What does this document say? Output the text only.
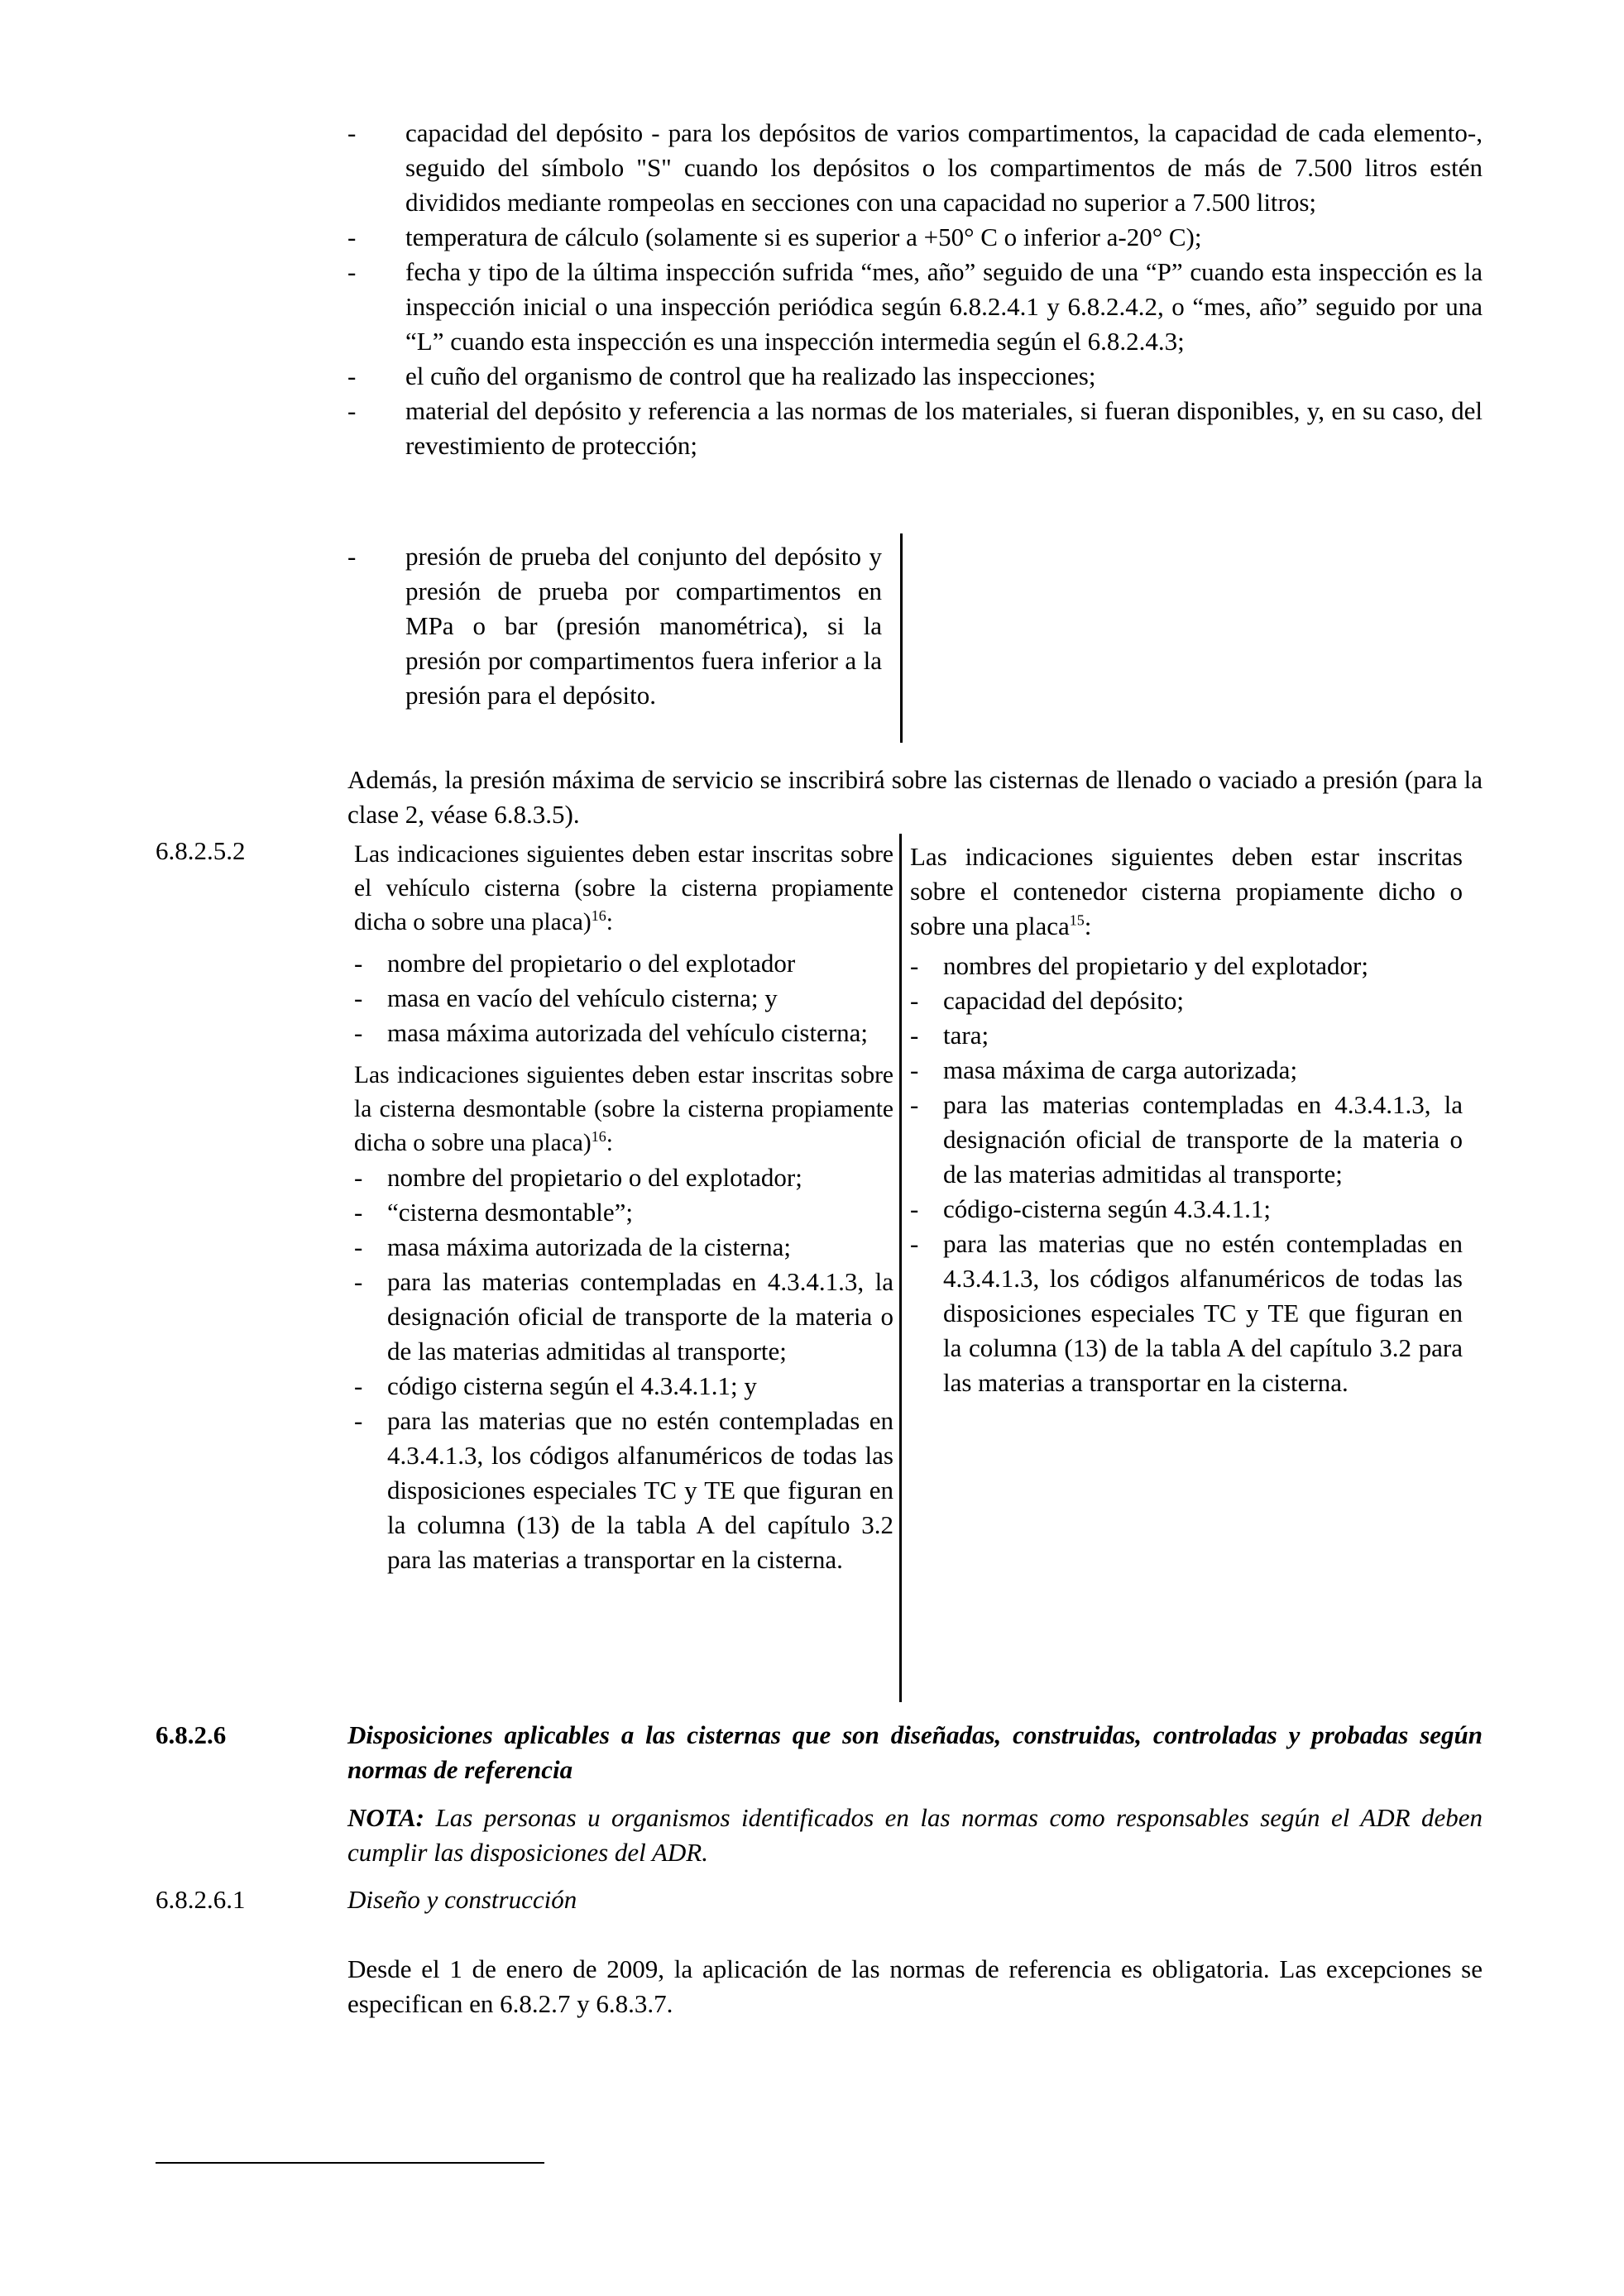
- capacidad del depósito - para los depósitos de varios compartimentos, la capacidad de cada elemento-, seguido del símbolo "S" cuando los depósitos o los compartimentos de más de 7.500 litros estén divididos mediante rompeolas en secciones con una capacidad no superior a 7.500 litros;
- temperatura de cálculo (solamente si es superior a +50° C o inferior a-20° C);
- fecha y tipo de la última inspección sufrida “mes, año” seguido de una “P” cuando esta inspección es la inspección inicial o una inspección periódica según 6.8.2.4.1 y 6.8.2.4.2, o “mes, año” seguido por una “L” cuando esta inspección es una inspección intermedia según el 6.8.2.4.3;
- el cuño del organismo de control que ha realizado las inspecciones;
- material del depósito y referencia a las normas de los materiales, si fueran disponibles, y, en su caso, del revestimiento de protección;
- presión de prueba del conjunto del depósito y presión de prueba por compartimentos en MPa o bar (presión manométrica), si la presión por compartimentos fuera inferior a la presión para el depósito.
Además, la presión máxima de servicio se inscribirá sobre las cisternas de llenado o vaciado a presión (para la clase 2, véase 6.8.3.5).
6.8.2.5.2	Las indicaciones siguientes deben estar inscritas sobre el vehículo cisterna (sobre la cisterna propiamente dicha o sobre una placa)$^{16}$:
- nombre del propietario o del explotador
- masa en vacío del vehículo cisterna; y
- masa máxima autorizada del vehículo cisterna;
Las indicaciones siguientes deben estar inscritas sobre la cisterna desmontable (sobre la cisterna propiamente dicha o sobre una placa)$^{16}$:
- nombre del propietario o del explotador;
- “cisterna desmontable”;
- masa máxima autorizada de la cisterna;
- para las materias contempladas en 4.3.4.1.3, la designación oficial de transporte de la materia o de las materias admitidas al transporte;
- código cisterna según el 4.3.4.1.1; y
- para las materias que no estén contempladas en 4.3.4.1.3, los códigos alfanuméricos de todas las disposiciones especiales TC y TE que figuran en la columna (13) de la tabla A del capítulo 3.2 para las materias a transportar en la cisterna.
Las indicaciones siguientes deben estar inscritas sobre el contenedor cisterna propiamente dicho o sobre una placa$^{15}$:
- nombres del propietario y del explotador;
- capacidad del depósito;
- tara;
- masa máxima de carga autorizada;
- para las materias contempladas en 4.3.4.1.3, la designación oficial de transporte de la materia o de las materias admitidas al transporte;
- código-cisterna según 4.3.4.1.1;
- para las materias que no estén contempladas en 4.3.4.1.3, los códigos alfanuméricos de todas las disposiciones especiales TC y TE que figuran en la columna (13) de la tabla A del capítulo 3.2 para las materias a transportar en la cisterna.
6.8.2.6	Disposiciones aplicables a las cisternas que son diseñadas, construidas, controladas y probadas según normas de referencia
NOTA: Las personas u organismos identificados en las normas como responsables según el ADR deben cumplir las disposiciones del ADR.
6.8.2.6.1	Diseño y construcción
Desde el 1 de enero de 2009, la aplicación de las normas de referencia es obligatoria. Las excepciones se especifican en 6.8.2.7 y 6.8.3.7.
